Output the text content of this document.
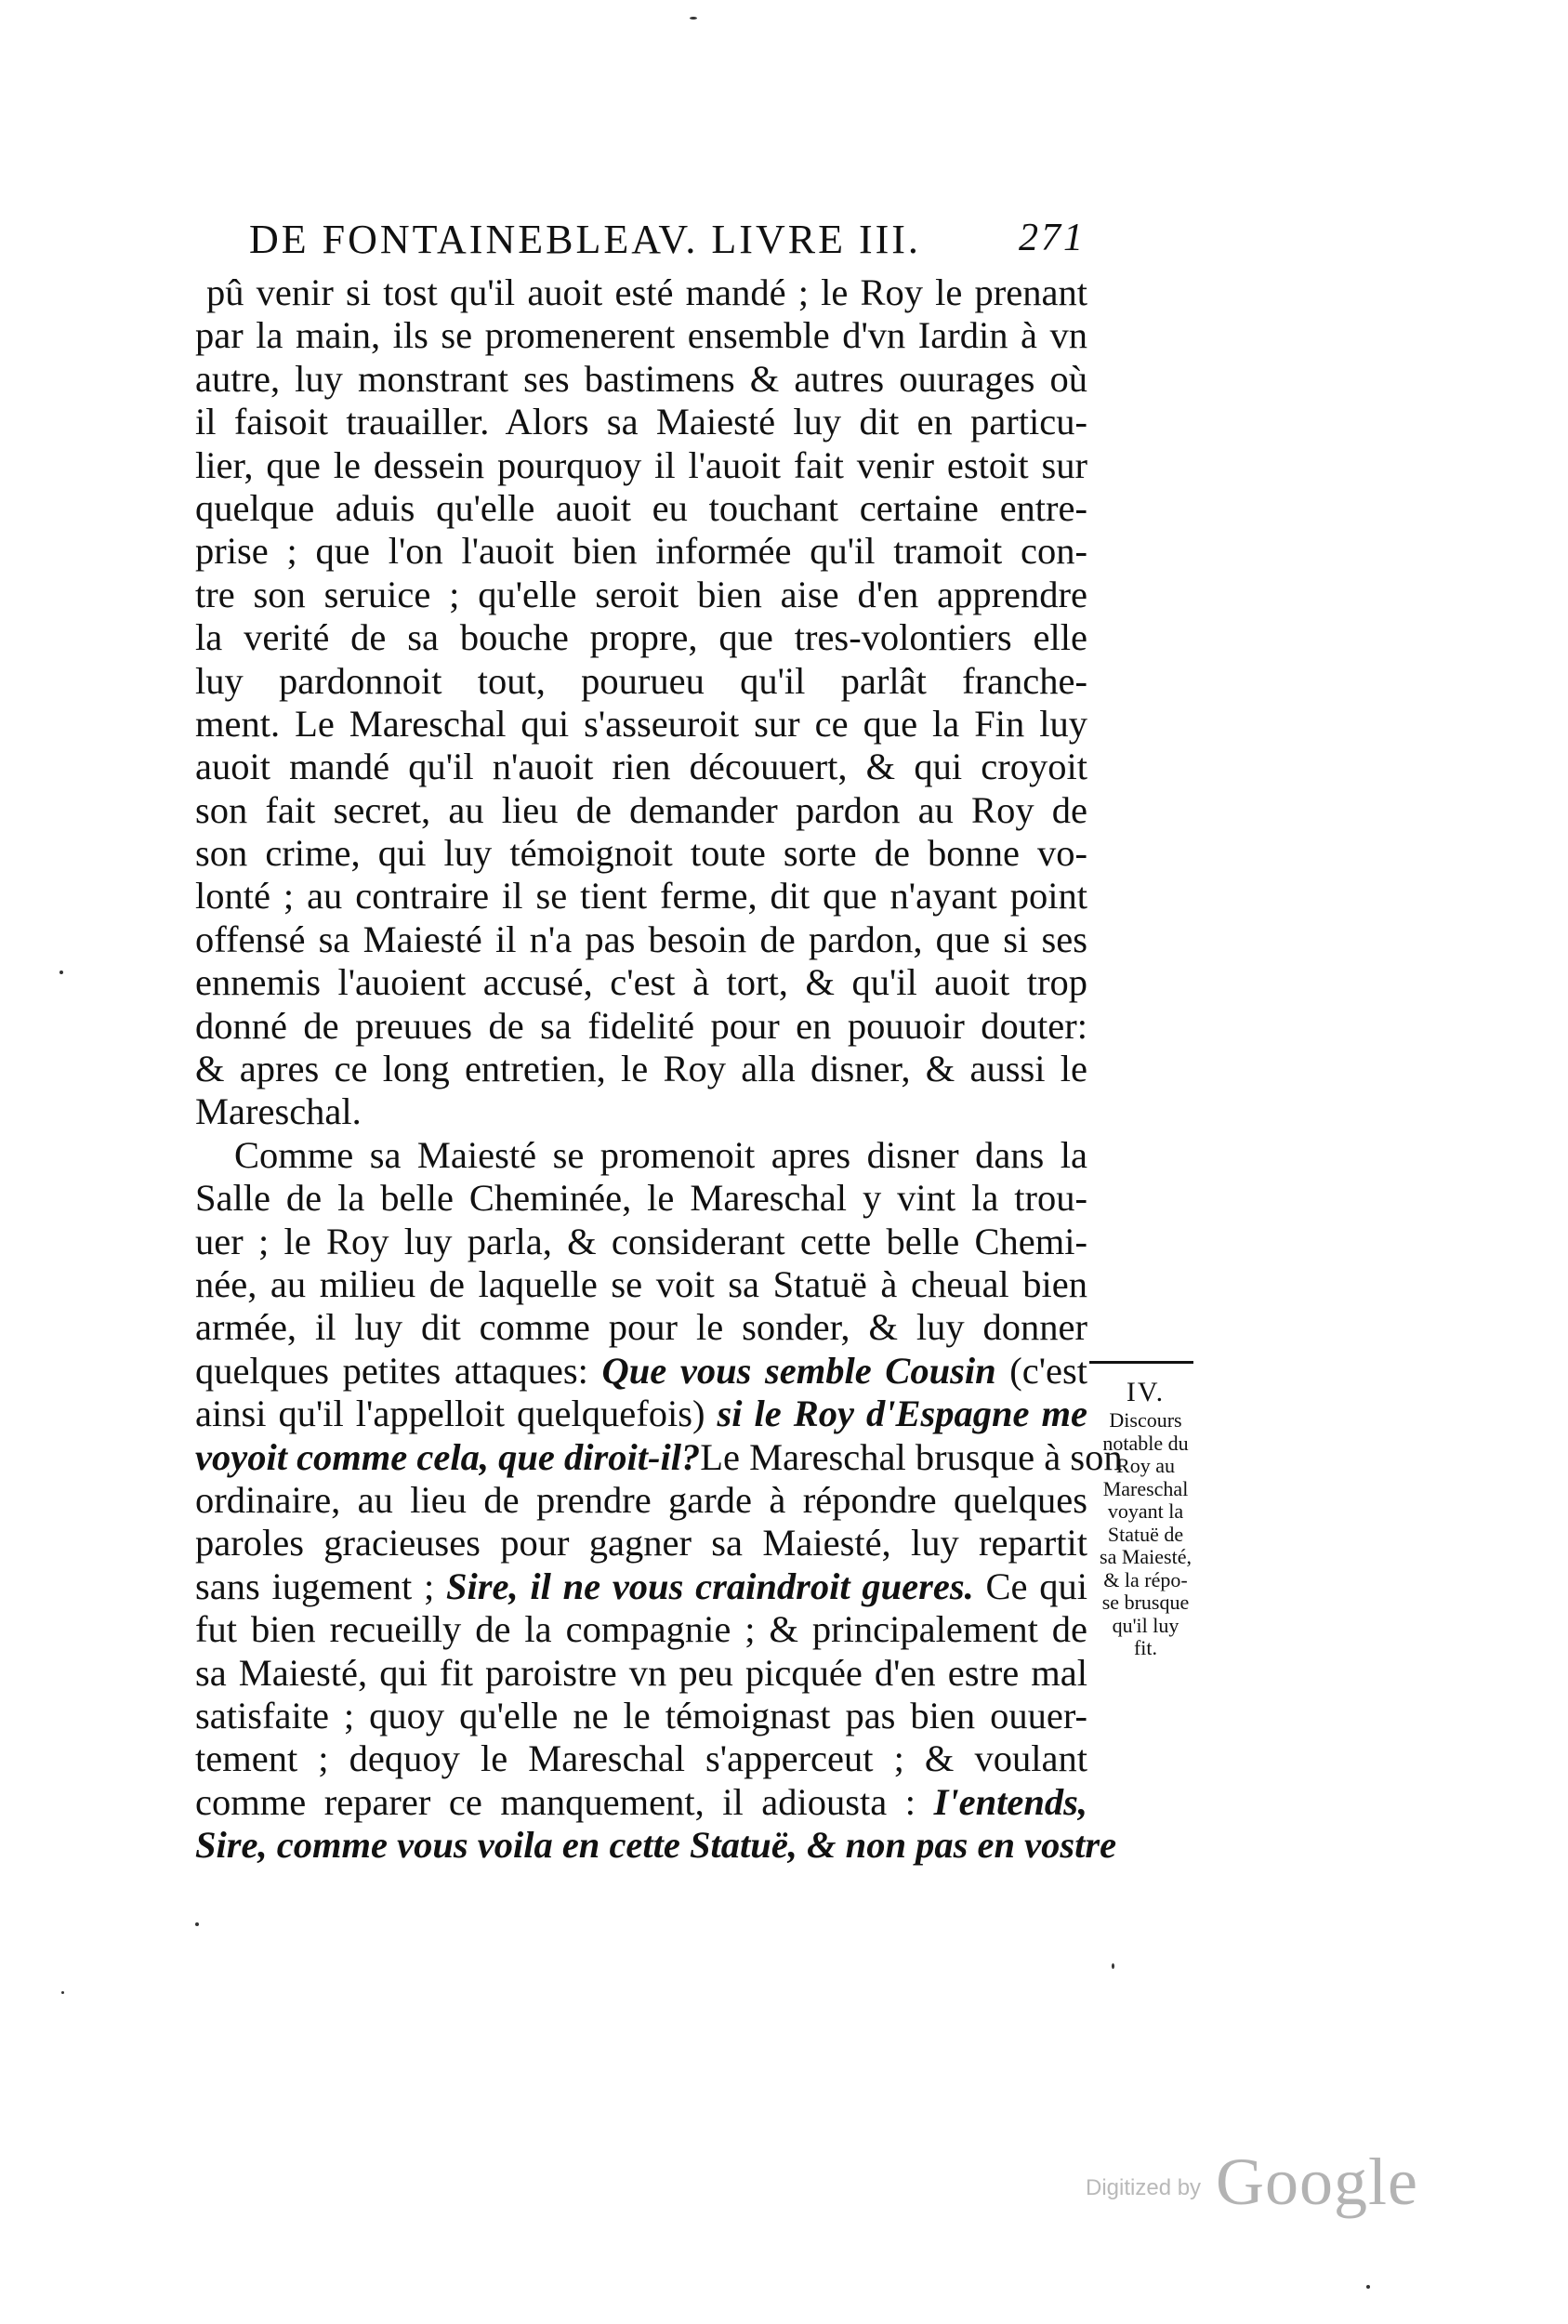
DE FONTAINEBLEAV. LIVRE III.	271
pû venir si tost qu'il auoit esté mandé ; le Roy le prenant
par la main, ils se promenerent ensemble d'vn Iardin à vn
autre, luy monstrant ses bastimens & autres ouurages où
il faisoit trauailler. Alors sa Maiesté luy dit en particu-
lier, que le dessein pourquoy il l'auoit fait venir estoit sur
quelque aduis qu'elle auoit eu touchant certaine entre-
prise ; que l'on l'auoit bien informée qu'il tramoit con-
tre son seruice ; qu'elle seroit bien aise d'en apprendre
la verité de sa bouche propre, que tres-volontiers elle
luy pardonnoit tout, pourueu qu'il parlât franche-
ment. Le Mareschal qui s'asseuroit sur ce que la Fin luy
auoit mandé qu'il n'auoit rien découuert, & qui croyoit
son fait secret, au lieu de demander pardon au Roy de
son crime, qui luy témoignoit toute sorte de bonne vo-
lonté ; au contraire il se tient ferme, dit que n'ayant point
offensé sa Maiesté il n'a pas besoin de pardon, que si ses
ennemis l'auoient accusé, c'est à tort, & qu'il auoit trop
donné de preuues de sa fidelité pour en pouuoir douter:
& apres ce long entretien, le Roy alla disner, & aussi le
Mareschal.
Comme sa Maiesté se promenoit apres disner dans la
Salle de la belle Cheminée, le Mareschal y vint la trou-
uer ; le Roy luy parla, & considerant cette belle Chemi-
née, au milieu de laquelle se voit sa Statuë à cheual bien
armée, il luy dit comme pour le sonder, & luy donner
quelques petites attaques: Que vous semble Cousin (c'est
ainsi qu'il l'appelloit quelquefois) si le Roy d'Espagne me
voyoit comme cela, que diroit-il?Le Mareschal brusque à son
ordinaire, au lieu de prendre garde à répondre quelques
paroles gracieuses pour gagner sa Maiesté, luy repartit
sans iugement ; Sire, il ne vous craindroit gueres. Ce qui
fut bien recueilly de la compagnie ; & principalement de
sa Maiesté, qui fit paroistre vn peu picquée d'en estre mal
satisfaite ; quoy qu'elle ne le témoignast pas bien ouuer-
tement ; dequoy le Mareschal s'apperceut ; & voulant
comme reparer ce manquement, il adiousta : I'entends,
Sire, comme vous voila en cette Statuë, & non pas en vostre
IV.
Discours
notable du
Roy au
Mareschal
voyant la
Statuë de
sa Maiesté,
& la répo-
se brusque
qu'il luy
fit.
Digitized by Google
